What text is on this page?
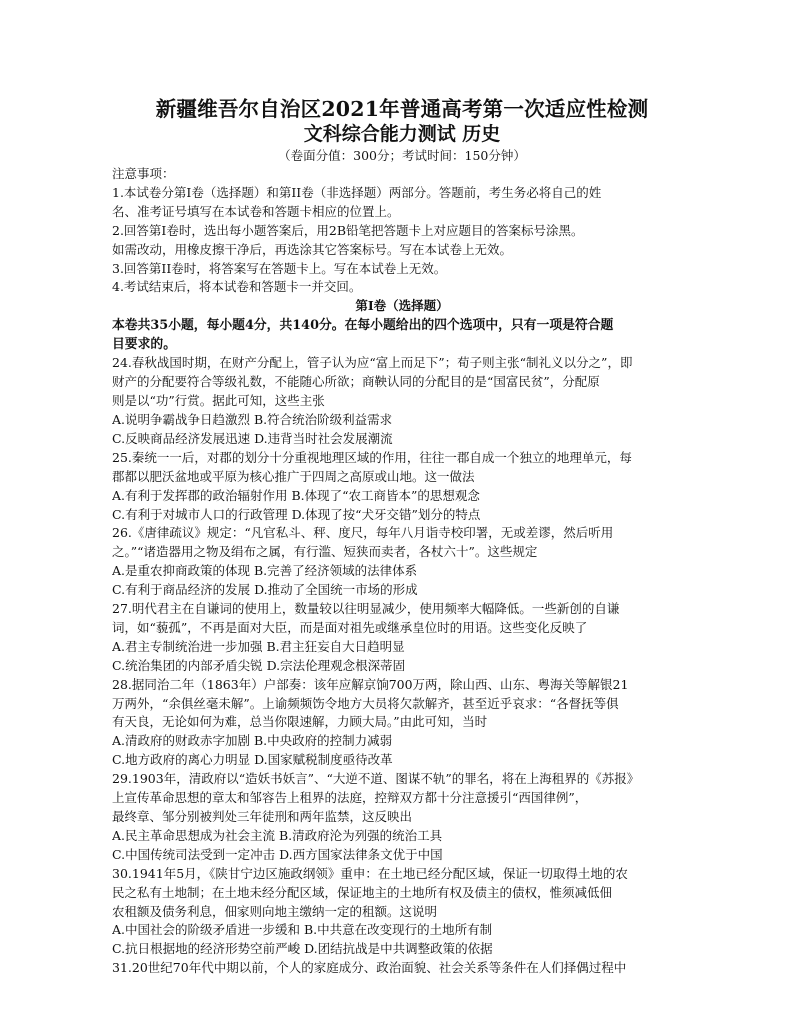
新疆维吾尔自治区2021年普通高考第一次适应性检测
文科综合能力测试 历史
（卷面分值：300分；考试时间：150分钟）
注意事项：
1.本试卷分第I卷（选择题）和第II卷（非选择题）两部分。答题前，考生务必将自己的姓
名、准考证号填写在本试卷和答题卡相应的位置上。
2.回答第I卷时，选出每小题答案后，用2B铅笔把答题卡上对应题目的答案标号涂黑。
如需改动，用橡皮擦干净后，再选涂其它答案标号。写在本试卷上无效。
3.回答第II卷时，将答案写在答题卡上。写在本试卷上无效。
4.考试结束后，将本试卷和答题卡一并交回。
第I卷（选择题）
本卷共35小题，每小题4分，共140分。在每小题给出的四个选项中，只有一项是符合题
目要求的。
24.春秋战国时期，在财产分配上，管子认为应“富上而足下”；荀子则主张“制礼义以分之”，即
财产的分配要符合等级礼数，不能随心所欲；商鞅认同的分配目的是“国富民贫”，分配原
则是以“功”行赏。据此可知，这些主张
A.说明争霸战争日趋激烈 B.符合统治阶级利益需求
C.反映商品经济发展迅速 D.违背当时社会发展潮流
25.秦统一一后，对郡的划分十分重视地理区域的作用，往往一郡自成一个独立的地理单元，每
郡都以肥沃盆地或平原为核心推广于四周之高原或山地。这一做法
A.有利于发挥郡的政治辐射作用 B.体现了“农工商皆本”的思想观念
C.有利于对城市人口的行政管理 D.体现了按“犬牙交错”划分的特点
26.《唐律疏议》规定：“凡官私斗、秤、度尺，每年八月诣寺校印署，无或差谬，然后听用
之。”“诸造器用之物及绢布之属，有行滥、短狭而卖者，各杖六十”。这些规定
A.是重农抑商政策的体现 B.完善了经济领域的法律体系
C.有利于商品经济的发展 D.推动了全国统一市场的形成
27.明代君主在自谦词的使用上，数量较以往明显减少，使用频率大幅降低。一些新创的自谦
词，如“藐孤”，不再是面对大臣，而是面对祖先或继承皇位时的用语。这些变化反映了
A.君主专制统治进一步加强 B.君主狂妄自大日趋明显
C.统治集团的内部矛盾尖锐 D.宗法伦理观念根深蒂固
28.据同治二年（1863年）户部奏：该年应解京饷700万两，除山西、山东、粤海关等解银21
万两外，“余俱丝毫未解”。上谕频频饬令地方大员将欠款解齐，甚至近乎哀求：“各督抚等俱
有天良，无论如何为难，总当你限速解，力顾大局。”由此可知，当时
A.清政府的财政赤字加剧 B.中央政府的控制力减弱
C.地方政府的离心力明显 D.国家赋税制度亟待改革
29.1903年，清政府以“造妖书妖言”、“大逆不道、图谋不轨”的罪名，将在上海租界的《苏报》
上宣传革命思想的章太和邹容告上租界的法庭，控辩双方都十分注意援引“西国律例”，
最终章、邹分别被判处三年徒刑和两年监禁，这反映出
A.民主革命思想成为社会主流 B.清政府沦为列强的统治工具
C.中国传统司法受到一定冲击 D.西方国家法律条文优于中国
30.1941年5月，《陕甘宁边区施政纲领》重申：在土地已经分配区域，保证一切取得土地的农
民之私有土地制；在土地未经分配区域，保证地主的土地所有权及债主的债权，惟须减低佃
农租额及债务利息，佃家则向地主缴纳一定的租额。这说明
A.中国社会的阶级矛盾进一步缓和 B.中共意在改变现行的土地所有制
C.抗日根据地的经济形势空前严峻 D.团结抗战是中共调整政策的依据
31.20世纪70年代中期以前，个人的家庭成分、政治面貌、社会关系等条件在人们择偶过程中
